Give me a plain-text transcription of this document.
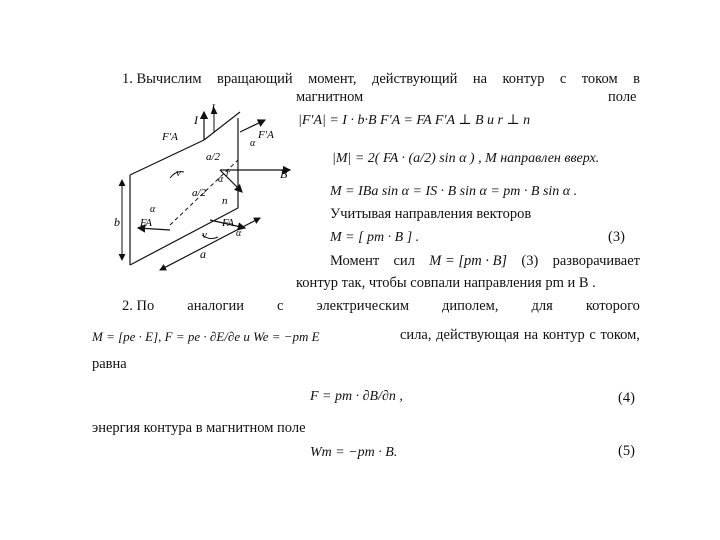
I
I
F′A	F′A
α
a/2
v
α
a/2
B
n
b
α
FA	FA
v	α
a
r
1. Вычислим вращающий момент, действующий на контур с током в
магнитном	поле
|F′A| = I · b·B F′A = FA F′A ⊥ B и r ⊥ n
|M| = 2( FA · (a/2) sin α ) , M направлен вверх.
M = IBa sin α = IS · B sin α = pm · B sin α .
Учитывая направления векторов
M = [ pm · B ] .	(3)
Момент сил M = [pm · B] (3) разворачивает
контур так, чтобы совпали направления pm и B .
2. По аналогии с электрическим диполем, для которого
M = [pe · E], F = pe · ∂E/∂e и We = −pm E	сила, действующая на контур с током,
равна
F = pm · ∂B/∂n ,	(4)
энергия контура в магнитном поле
Wm = −pm · B.	(5)
